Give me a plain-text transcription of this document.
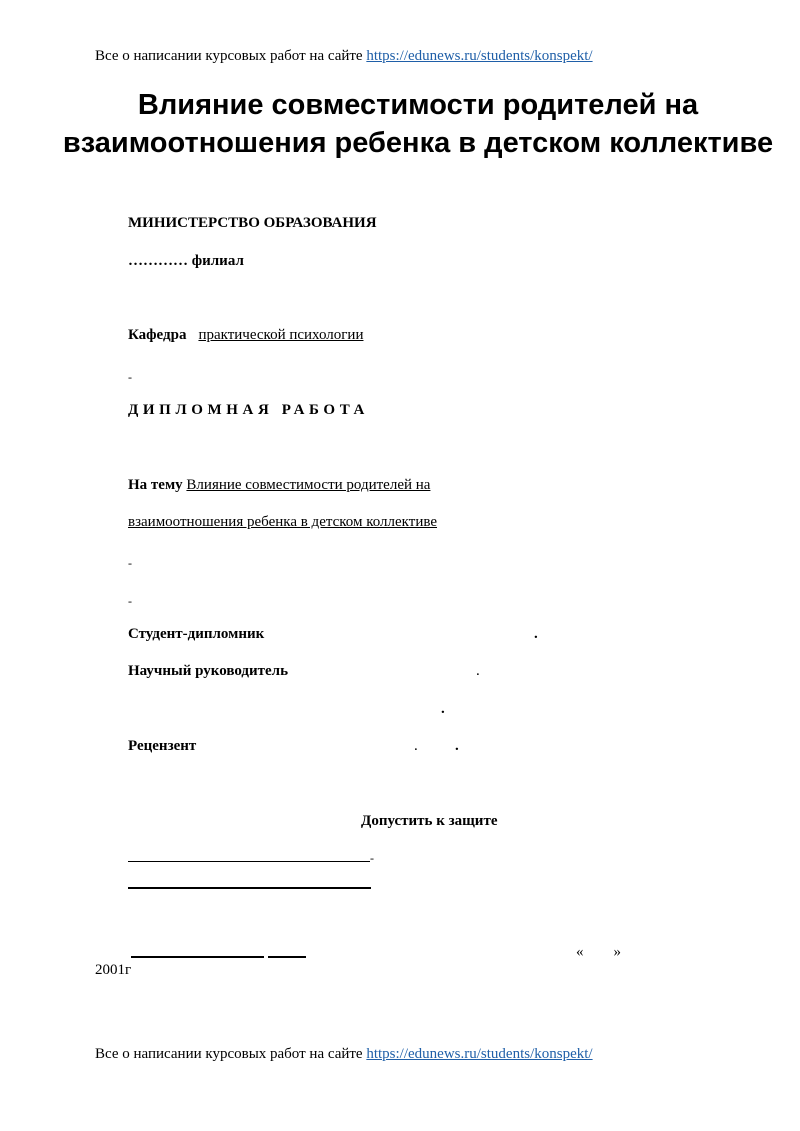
Все о написании курсовых работ на сайте https://edunews.ru/students/konspekt/
Влияние совместимости родителей на взаимоотношения ребенка в детском коллективе
МИНИСТЕРСТВО ОБРАЗОВАНИЯ
………… филиал
Кафедра практической психологии
-
ДИПЛОМНАЯ РАБОТА
На тему Влияние совместимости родителей на
взаимоотношения ребенка в детском коллективе
-
-
Студент-дипломник	.
Научный руководитель	.
.
Рецензент	. .
Допустить к защите
-
« »
2001г
Все о написании курсовых работ на сайте https://edunews.ru/students/konspekt/
